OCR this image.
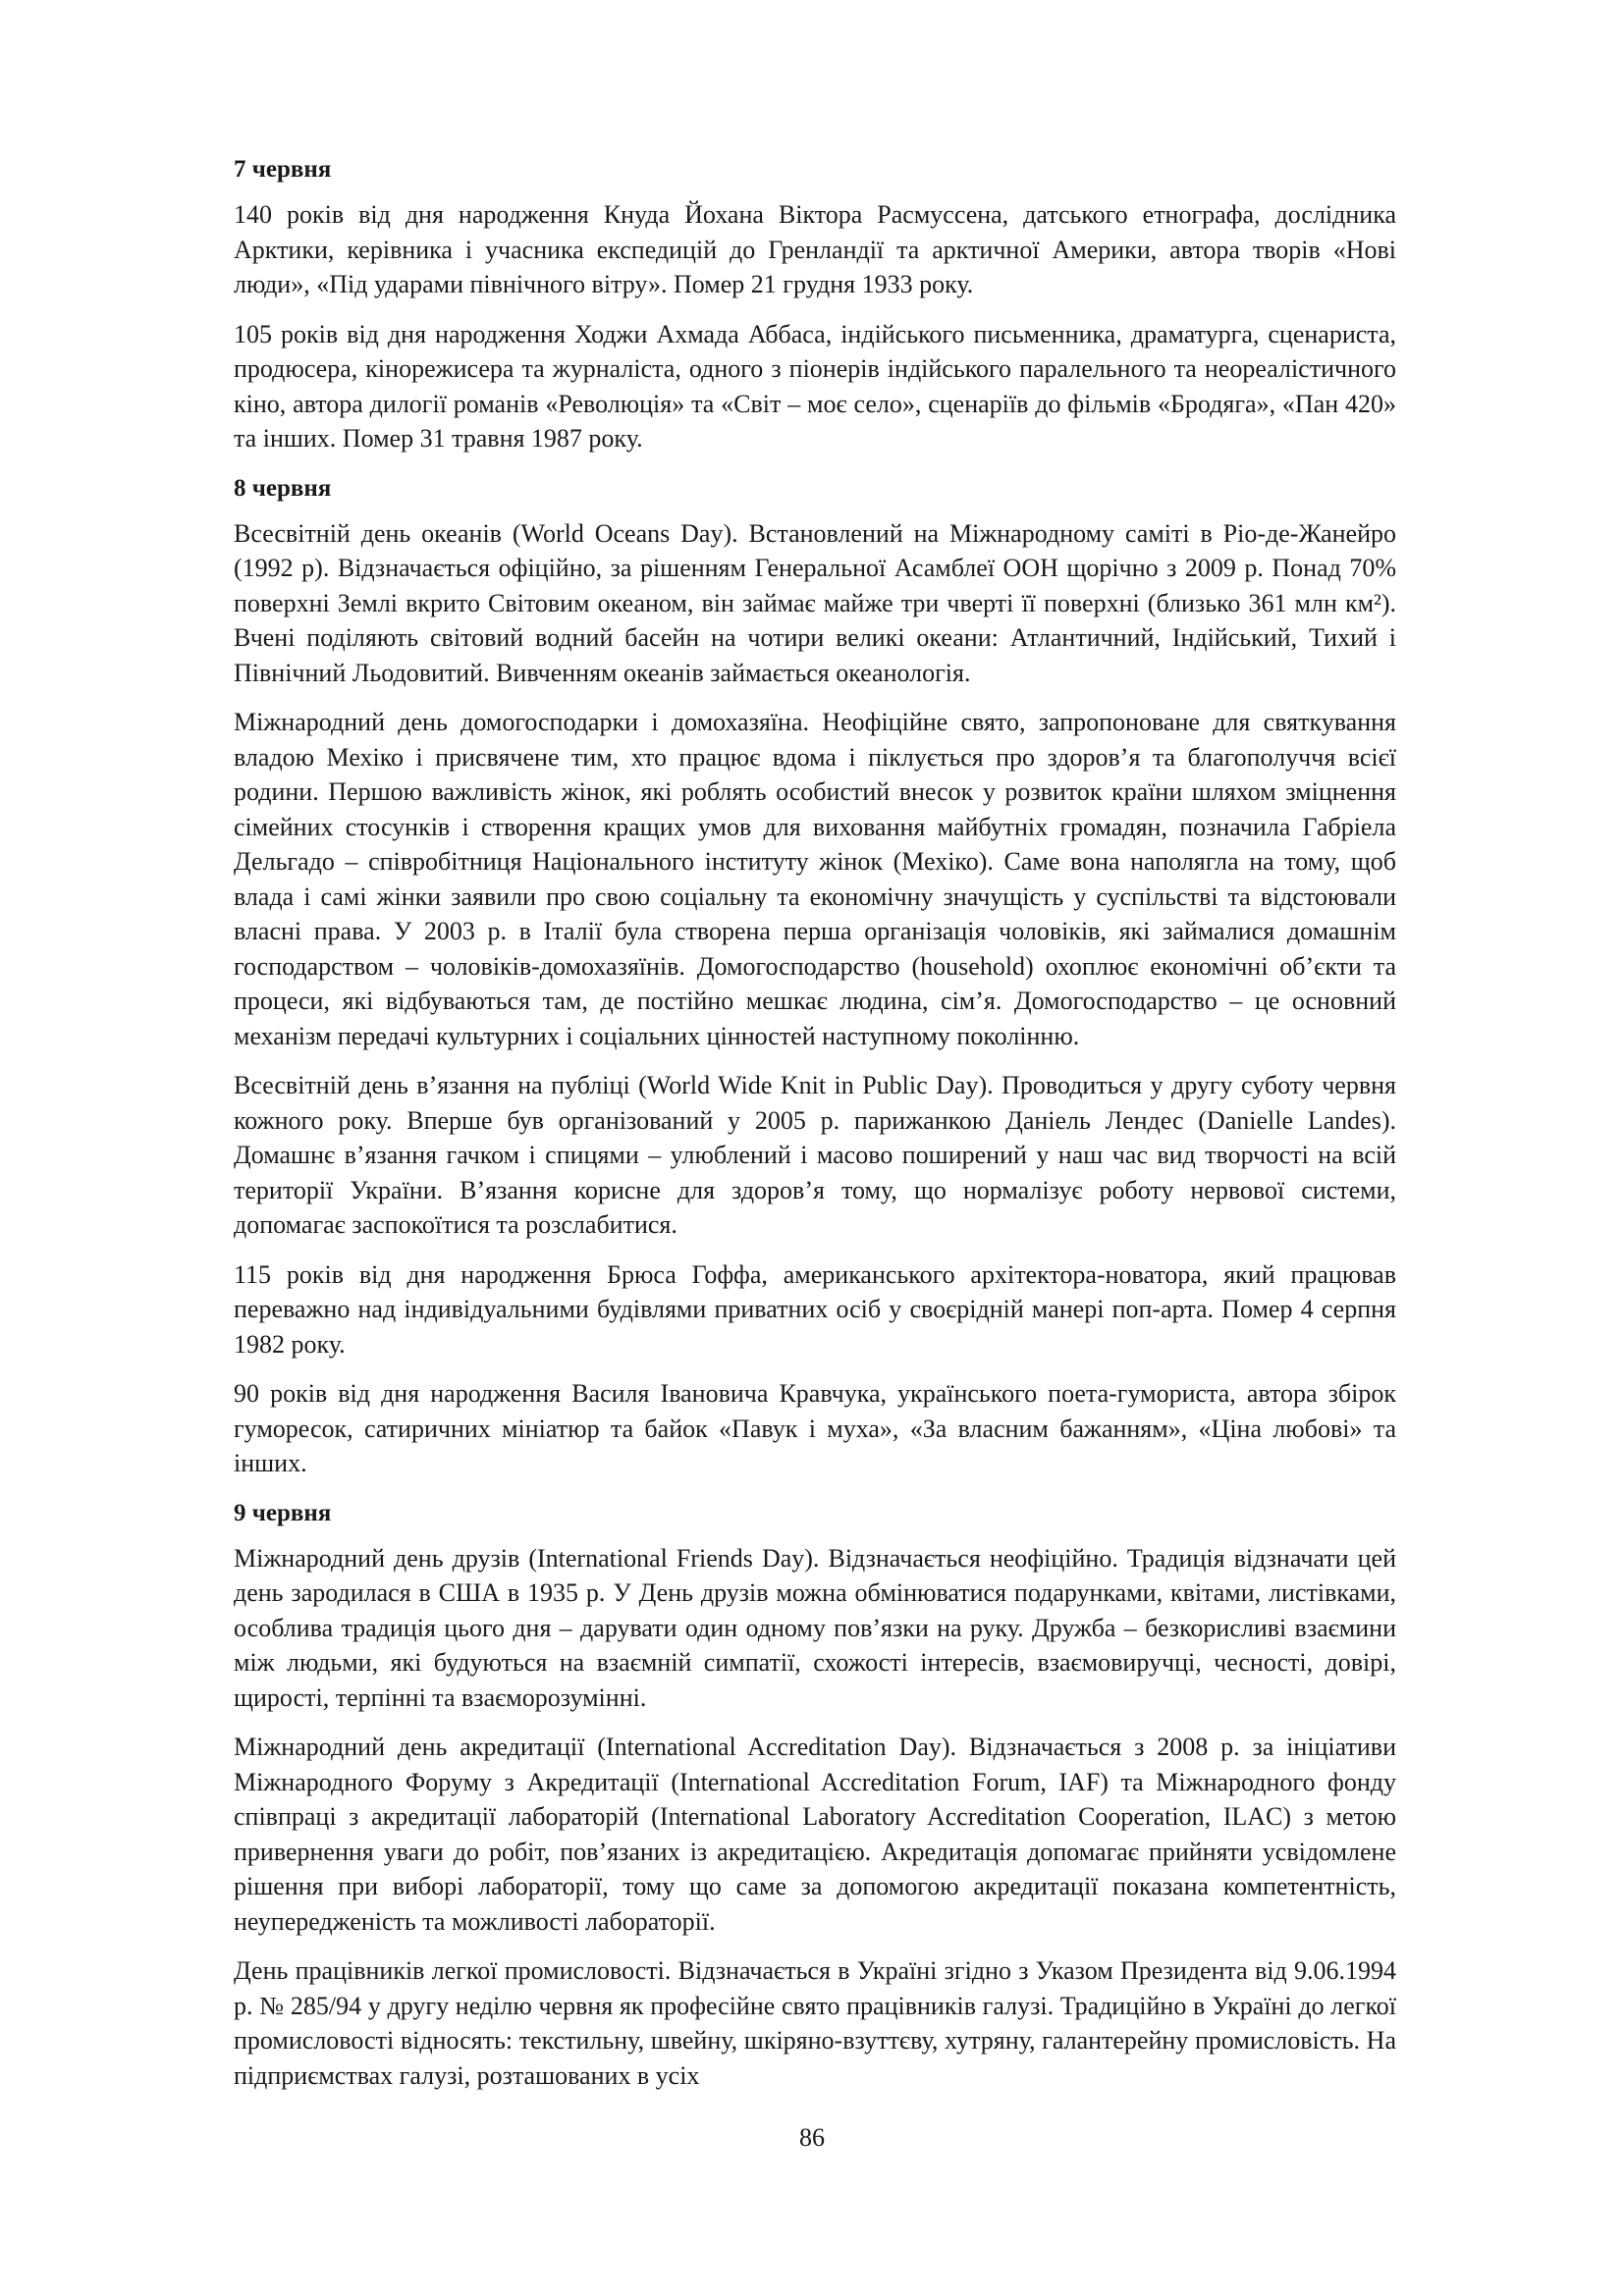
7 червня

140 років від дня народження Кнуда Йохана Віктора Расмуссена, датського етнографа, дослідника Арктики, керівника і учасника експедицій до Гренландії та арктичної Америки, автора творів «Нові люди», «Під ударами північного вітру». Помер 21 грудня 1933 року.

105 років від дня народження Ходжи Ахмада Аббаса, індійського письменника, драматурга, сценариста, продюсера, кінорежисера та журналіста, одного з піонерів індійського паралельного та неореалістичного кіно, автора дилогії романів «Революція» та «Світ – моє село», сценаріїв до фільмів «Бродяга», «Пан 420» та інших. Помер 31 травня 1987 року.

8 червня

Всесвітній день океанів (World Oceans Day). Встановлений на Міжнародному саміті в Ріо-де-Жанейро (1992 р). Відзначається офіційно, за рішенням Генеральної Асамблеї ООН щорічно з 2009 р. Понад 70% поверхні Землі вкрито Світовим океаном, він займає майже три чверті її поверхні (близько 361 млн км²). Вчені поділяють світовий водний басейн на чотири великі океани: Атлантичний, Індійський, Тихий і Північний Льодовитий. Вивченням океанів займається океанологія.

Міжнародний день домогосподарки і домохазяїна. Неофіційне свято, запропоноване для святкування владою Мехіко і присвячене тим, хто працює вдома і піклується про здоров’я та благополуччя всієї родини. Першою важливість жінок, які роблять особистий внесок у розвиток країни шляхом зміцнення сімейних стосунків і створення кращих умов для виховання майбутніх громадян, позначила Габріела Дельгадо – співробітниця Національного інституту жінок (Мехіко). Саме вона наполягла на тому, щоб влада і самі жінки заявили про свою соціальну та економічну значущість у суспільстві та відстоювали власні права. У 2003 р. в Італії була створена перша організація чоловіків, які займалися домашнім господарством – чоловіків-домохазяїнів. Домогосподарство (household) охоплює економічні об’єкти та процеси, які відбуваються там, де постійно мешкає людина, сім’я. Домогосподарство – це основний механізм передачі культурних і соціальних цінностей наступному поколінню.

Всесвітній день в’язання на публіці (World Wide Knit in Public Day). Проводиться у другу суботу червня кожного року. Вперше був організований у 2005 р. парижанкою Даніель Лендес (Danielle Landes). Домашнє в’язання гачком і спицями – улюблений і масово поширений у наш час вид творчості на всій території України. В’язання корисне для здоров’я тому, що нормалізує роботу нервової системи, допомагає заспокоїтися та розслабитися.

115 років від дня народження Брюса Гоффа, американського архітектора-новатора, який працював переважно над індивідуальними будівлями приватних осіб у своєрідній манері поп-арта. Помер 4 серпня 1982 року.

90 років від дня народження Василя Івановича Кравчука, українського поета-гумориста, автора збірок гуморесок, сатиричних мініатюр та байок «Павук і муха», «За власним бажанням», «Ціна любові» та інших.

9 червня

Міжнародний день друзів (International Friends Day). Відзначається неофіційно. Традиція відзначати цей день зародилася в США в 1935 р. У День друзів можна обмінюватися подарунками, квітами, листівками, особлива традиція цього дня – дарувати один одному пов’язки на руку. Дружба – безкорисливі взаємини між людьми, які будуються на взаємній симпатії, схожості інтересів, взаємовиручці, чесності, довірі, щирості, терпінні та взаєморозумінні.

Міжнародний день акредитації (International Accreditation Day). Відзначається з 2008 р. за ініціативи Міжнародного Форуму з Акредитації (International Accreditation Forum, IAF) та Міжнародного фонду співпраці з акредитації лабораторій (International Laboratory Accreditation Cooperation, ILAC) з метою привернення уваги до робіт, пов’язаних із акредитацією. Акредитація допомагає прийняти усвідомлене рішення при виборі лабораторії, тому що саме за допомогою акредитації показана компетентність, неупередженість та можливості лабораторії.

День працівників легкої промисловості. Відзначається в Україні згідно з Указом Президента від 9.06.1994 р. № 285/94 у другу неділю червня як професійне свято працівників галузі. Традиційно в Україні до легкої промисловості відносять: текстильну, швейну, шкіряно-взуттєву, хутряну, галантерейну промисловість. На підприємствах галузі, розташованих в усіх

86
